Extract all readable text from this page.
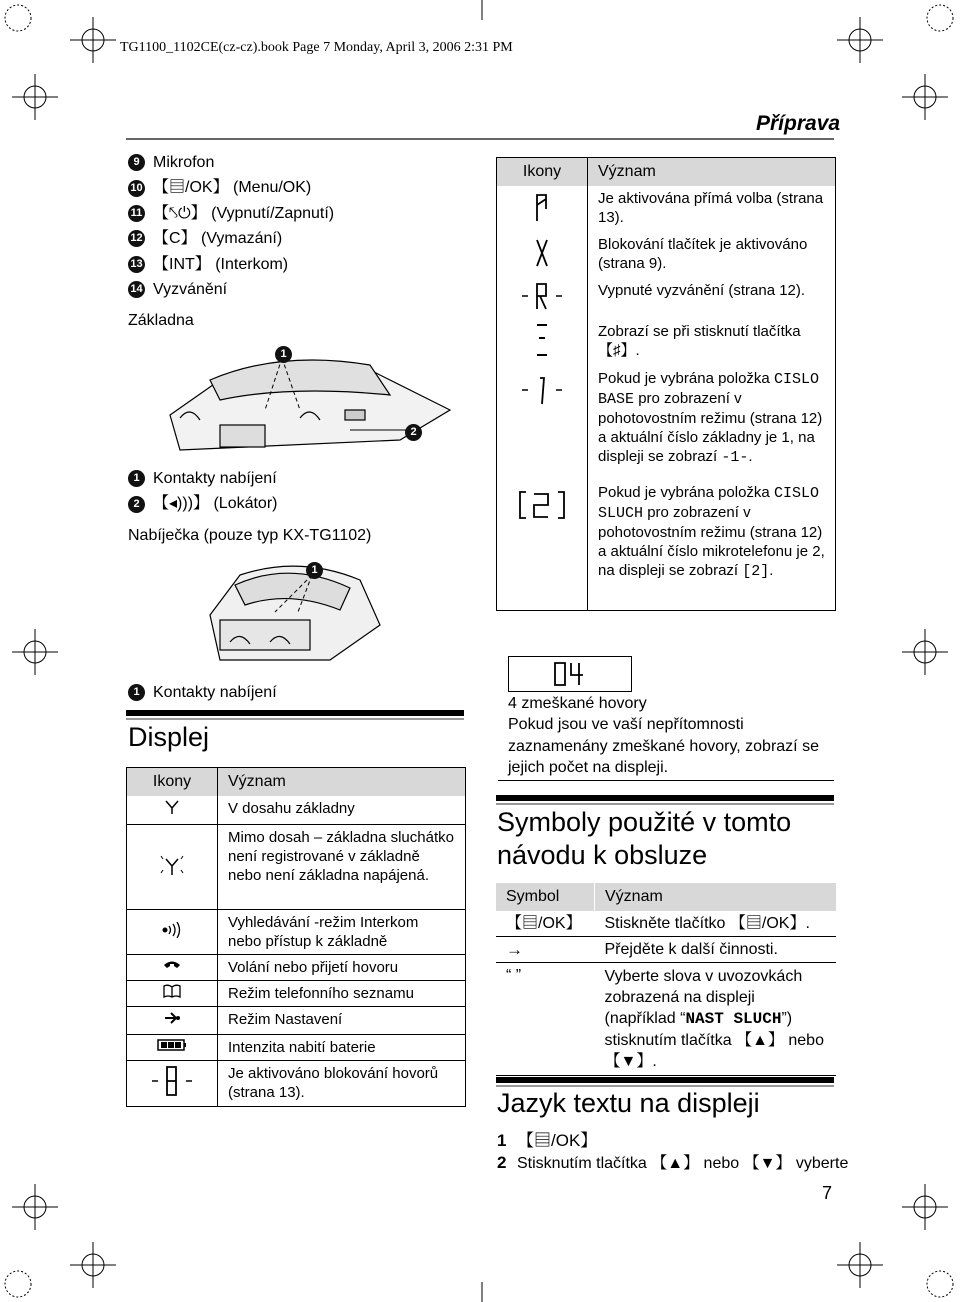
TG1100_1102CE(cz-cz).book Page 7 Monday, April 3, 2006 2:31 PM
Příprava
9 Mikrofon
10 【▤/OK】 (Menu/OK)
11 【⤣⏻】 (Vypnutí/Zapnutí)
12 【C】 (Vymazání)
13 【INT】 (Interkom)
14 Vyzvánění
Základna
1
2
1 Kontakty nabíjení
2 【◂)))】 (Lokátor)
Nabíječka (pouze typ KX-TG1102)
1
1 Kontakty nabíjení
Displej
Ikony	Význam
	V dosahu základny
	Mimo dosah – základna sluchátko není registrované v základně nebo není základna napájená.
	Vyhledávání -režim Interkom nebo přístup k základně
	Volání nebo přijetí hovoru
	Režim telefonního seznamu
	Režim Nastavení
	Intenzita nabití baterie
	Je aktivováno blokování hovorů (strana 13).
Ikony	Význam
	Je aktivována přímá volba (strana 13).
	Blokování tlačítek je aktivováno (strana 9).
	Vypnuté vyzvánění (strana 12).
	Zobrazí se při stisknutí tlačítka 【♯】.
	Pokud je vybrána položka CISLO BASE pro zobrazení v pohotovostním režimu (strana 12) a aktuální číslo základny je 1, na displeji se zobrazí -1-.
	Pokud je vybrána položka CISLO SLUCH pro zobrazení v pohotovostním režimu (strana 12) a aktuální číslo mikrotelefonu je 2, na displeji se zobrazí [2].
4 zmeškané hovory
Pokud jsou ve vaší nepřítomnosti zaznamenány zmeškané hovory, zobrazí se jejich počet na displeji.
Symboly použité v tomto návodu k obsluze
Symbol	Význam
【▤/OK】	Stiskněte tlačítko 【▤/OK】.
→	Přejděte k další činnosti.
“ ”	Vyberte slova v uvozovkách zobrazená na displeji (například “NAST SLUCH”) stisknutím tlačítka 【▲】 nebo 【▼】.
Jazyk textu na displeji
1 【▤/OK】
2 Stisknutím tlačítka 【▲】 nebo 【▼】 vyberte
7
